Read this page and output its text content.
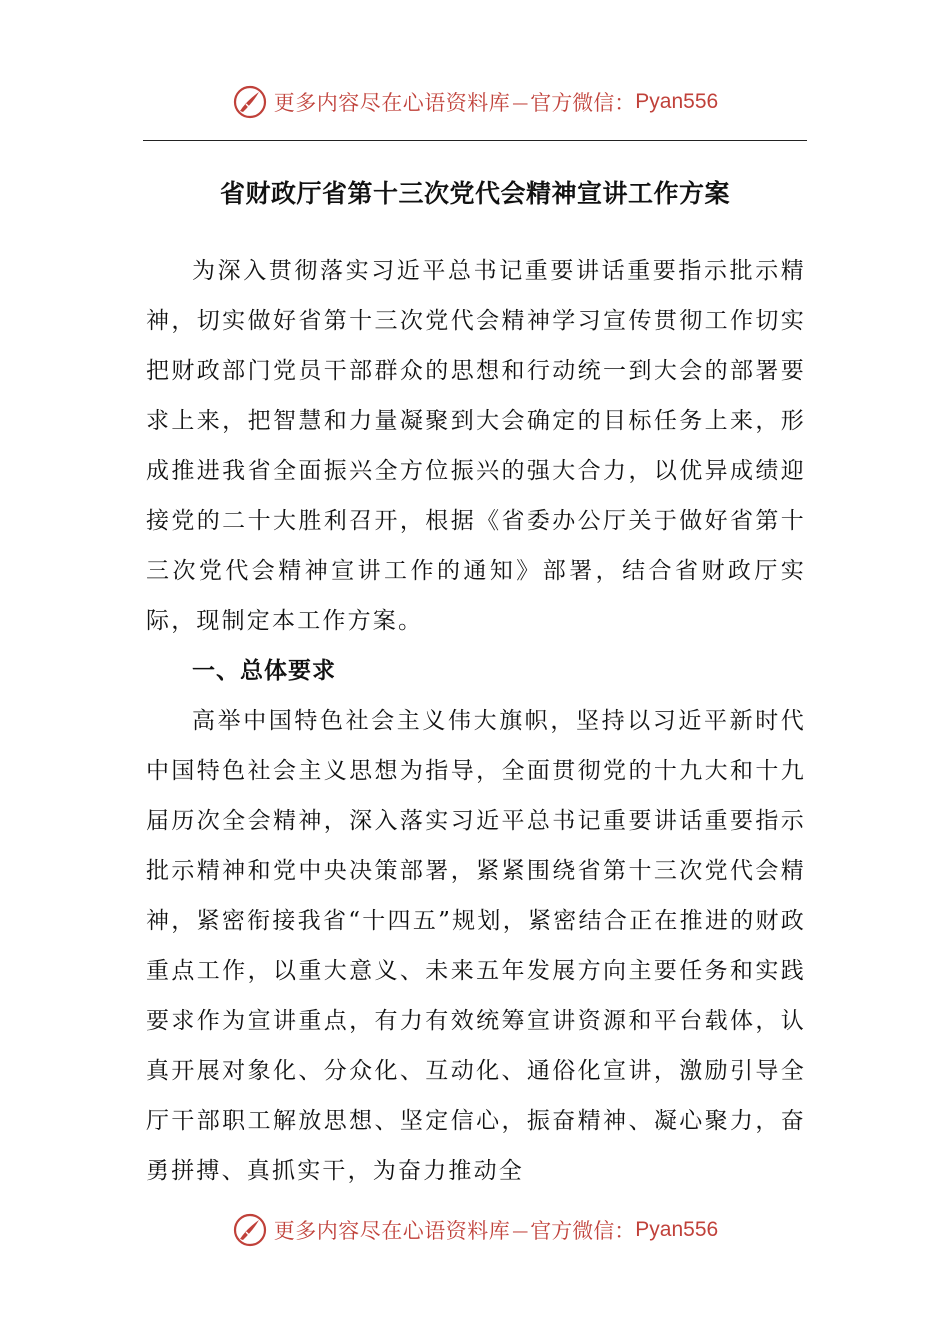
更多内容尽在心语资料库 — 官方微信： Pyan556
省财政厅省第十三次党代会精神宣讲工作方案

为深入贯彻落实习近平总书记重要讲话重要指示批示精神，切实做好省第十三次党代会精神学习宣传贯彻工作切实把财政部门党员干部群众的思想和行动统一到大会的部署要求上来，把智慧和力量凝聚到大会确定的目标任务上来，形成推进我省全面振兴全方位振兴的强大合力，以优异成绩迎接党的二十大胜利召开，根据《省委办公厅关于做好省第十三次党代会精神宣讲工作的通知》部署，结合省财政厅实际，现制定本工作方案。

一、总体要求

高举中国特色社会主义伟大旗帜，坚持以习近平新时代中国特色社会主义思想为指导，全面贯彻党的十九大和十九届历次全会精神，深入落实习近平总书记重要讲话重要指示批示精神和党中央决策部署，紧紧围绕省第十三次党代会精神，紧密衔接我省“十四五”规划，紧密结合正在推进的财政重点工作，以重大意义、未来五年发展方向主要任务和实践要求作为宣讲重点，有力有效统筹宣讲资源和平台载体，认真开展对象化、分众化、互动化、通俗化宣讲，激励引导全厅干部职工解放思想、坚定信心，振奋精神、凝心聚力，奋勇拼搏、真抓实干，为奋力推动全

更多内容尽在心语资料库 — 官方微信： Pyan556
